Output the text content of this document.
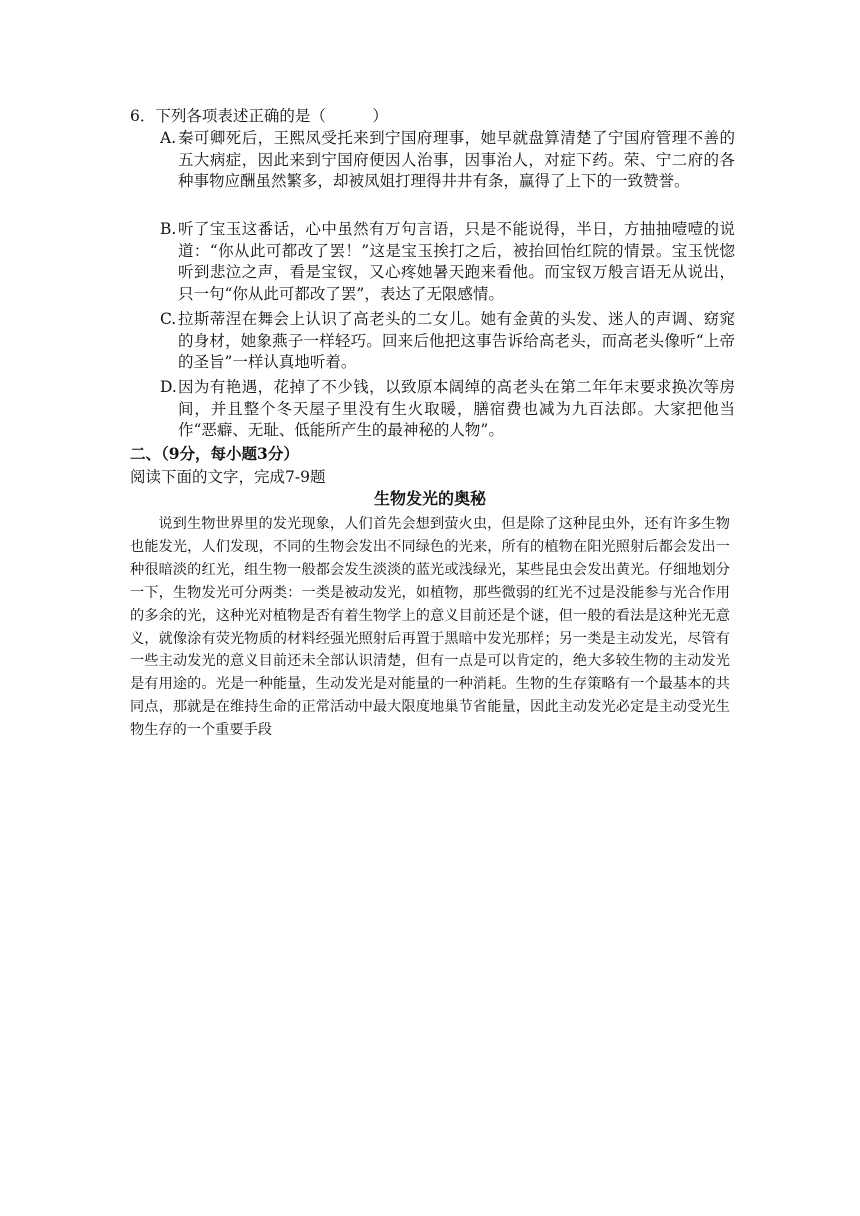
6．下列各项表述正确的是（　　　）
A. 秦可卿死后，王熙凤受托来到宁国府理事，她早就盘算清楚了宁国府管理不善的五大病症，因此来到宁国府便因人治事，因事治人，对症下药。荣、宁二府的各种事物应酬虽然繁多，却被凤姐打理得井井有条，赢得了上下的一致赞誉。
B. 听了宝玉这番话，心中虽然有万句言语，只是不能说得，半日，方抽抽噎噎的说道：“你从此可都改了罢！”这是宝玉挨打之后，被抬回怡红院的情景。宝玉恍惚听到悲泣之声，看是宝钗，又心疼她暑天跑来看他。而宝钗万般言语无从说出，只一句“你从此可都改了罢”，表达了无限感情。
C. 拉斯蒂涅在舞会上认识了高老头的二女儿。她有金黄的头发、迷人的声调、窈窕的身材，她象燕子一样轻巧。回来后他把这事告诉给高老头，而高老头像听“上帝的圣旨”一样认真地听着。
D. 因为有艳遇，花掉了不少钱，以致原本阔绰的高老头在第二年年末要求换次等房间，并且整个冬天屋子里没有生火取暖，膳宿费也减为九百法郎。大家把他当作“恶癖、无耻、低能所产生的最神秘的人物”。
二、（9分，每小题3分）
阅读下面的文字，完成7-9题
生物发光的奥秘
说到生物世界里的发光现象，人们首先会想到萤火虫，但是除了这种昆虫外，还有许多生物也能发光，人们发现，不同的生物会发出不同绿色的光来，所有的植物在阳光照射后都会发出一种很暗淡的红光，组生物一般都会发生淡淡的蓝光或浅绿光，某些昆虫会发出黄光。仔细地划分一下，生物发光可分两类：一类是被动发光，如植物，那些微弱的红光不过是没能参与光合作用的多余的光，这种光对植物是否有着生物学上的意义目前还是个谜，但一般的看法是这种光无意义，就像涂有荧光物质的材料经强光照射后再置于黑暗中发光那样；另一类是主动发光，尽管有一些主动发光的意义目前还未全部认识清楚，但有一点是可以肯定的，绝大多较生物的主动发光是有用途的。光是一种能量，生动发光是对能量的一种消耗。生物的生存策略有一个最基本的共同点，那就是在维持生命的正常活动中最大限度地巢节省能量，因此主动发光必定是主动受光生物生存的一个重要手段
